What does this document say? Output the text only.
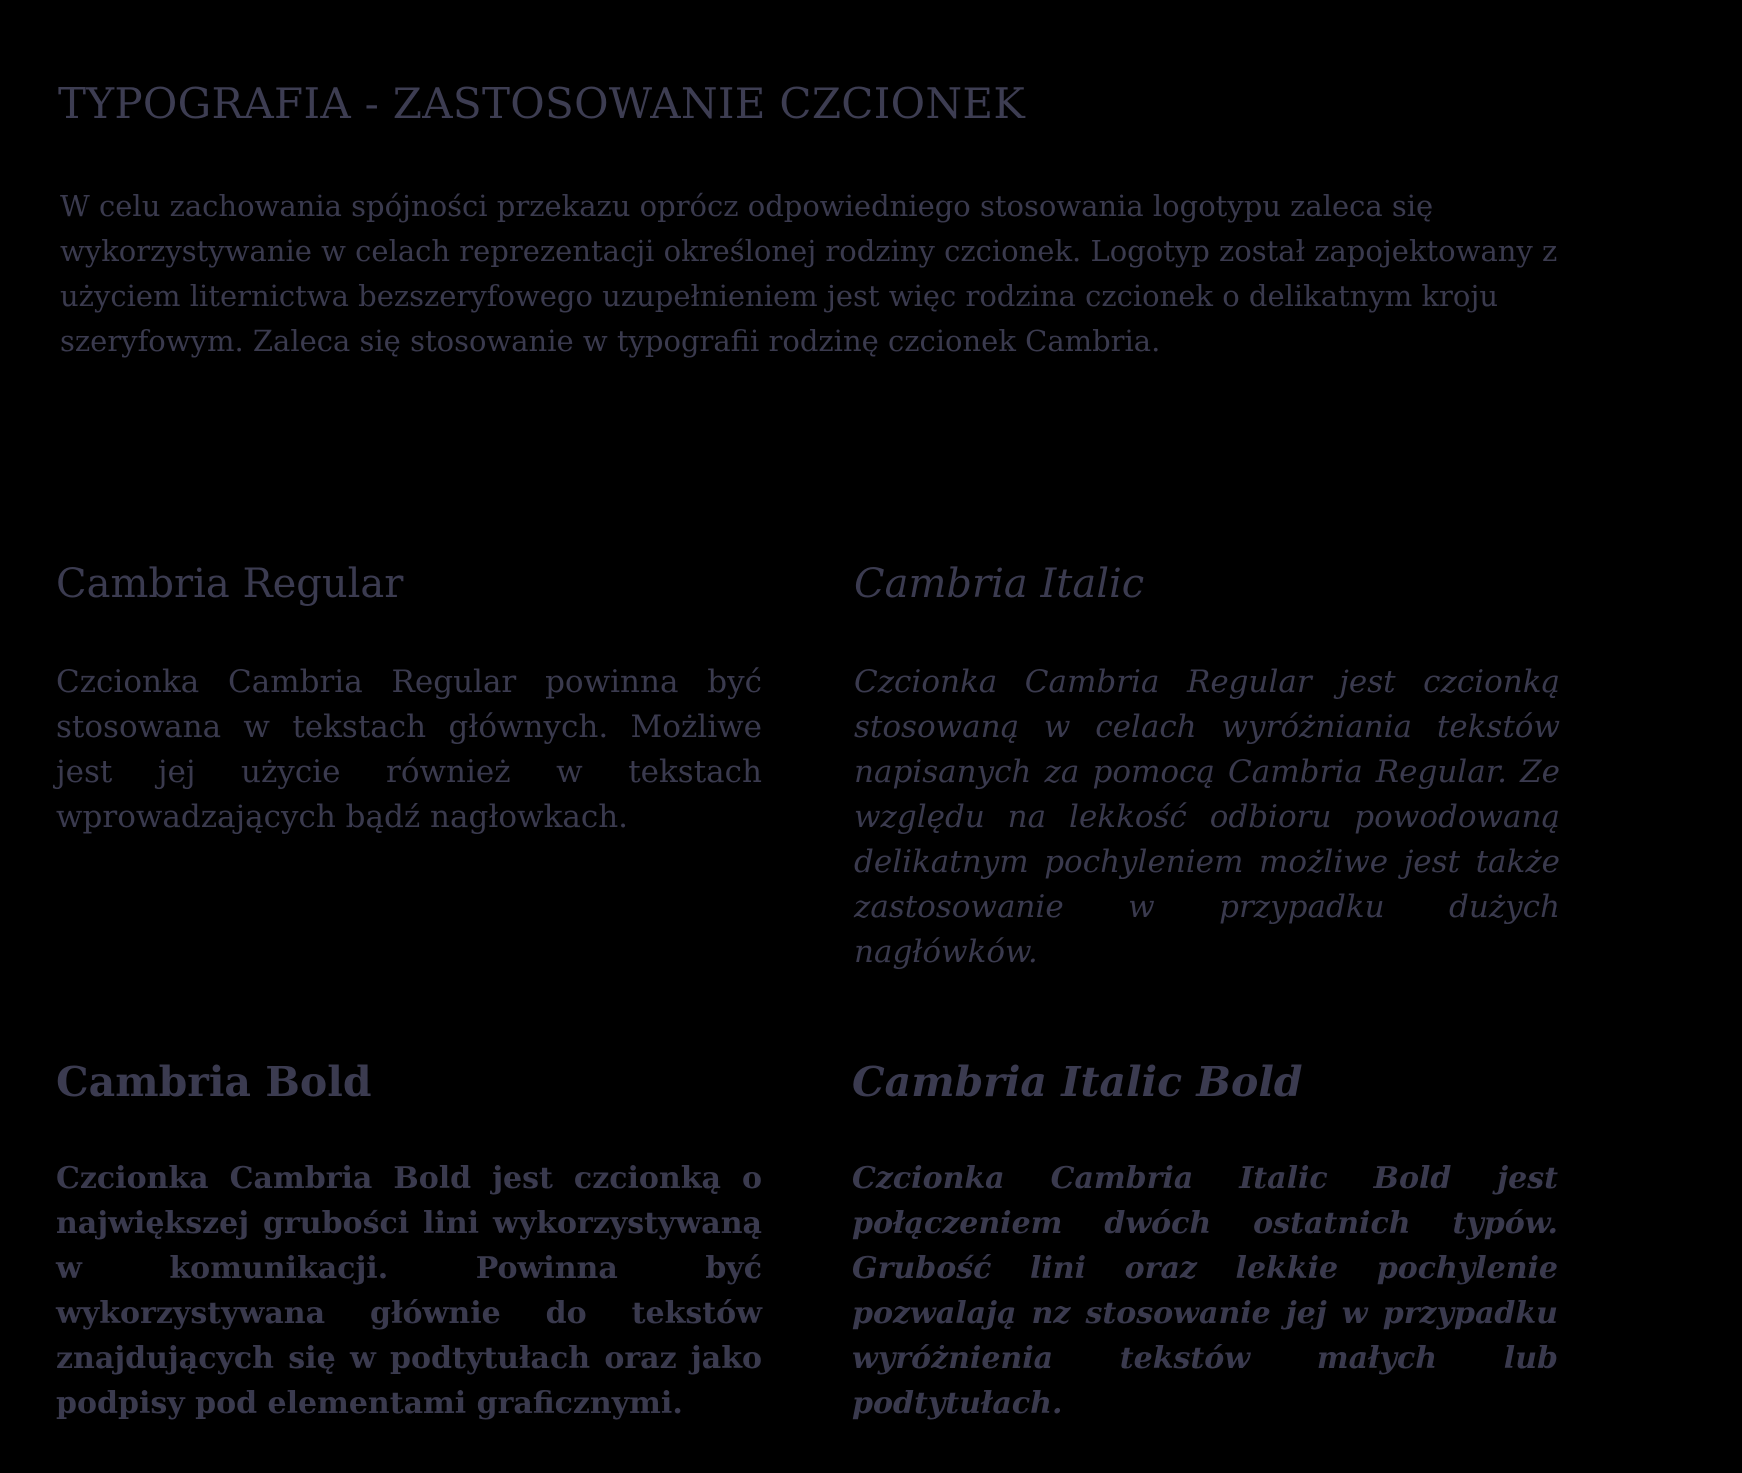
TYPOGRAFIA - ZASTOSOWANIE CZCIONEK

W celu zachowania spójności przekazu oprócz odpowiedniego stosowania logotypu zaleca się wykorzystywanie w celach reprezentacji określonej rodziny czcionek. Logotyp został zapojektowany z użyciem liternictwa bezszeryfowego uzupełnieniem jest więc rodzina czcionek o delikatnym kroju szeryfowym. Zaleca się stosowanie w typografii rodzinę czcionek Cambria.

Cambria Regular

Czcionka Cambria Regular powinna być stosowana w tekstach głównych. Możliwe jest jej użycie również w tekstach wprowadzających bądź nagłowkach.

Cambria Italic

Czcionka Cambria Regular jest czcionką stosowaną w celach wyróżniania tekstów napisanych za pomocą Cambria Regular. Ze względu na lekkość odbioru powodowaną delikatnym pochyleniem możliwe jest także zastosowanie w przypadku dużych nagłówków.

Cambria Bold

Czcionka Cambria Bold jest czcionką o największej grubości lini wykorzystywaną w komunikacji. Powinna być wykorzystywana głównie do tekstów znajdujących się w podtytułach oraz jako podpisy pod elementami graficznymi.

Cambria Italic Bold

Czcionka Cambria Italic Bold jest połączeniem dwóch ostatnich typów. Grubość lini oraz lekkie pochylenie pozwalają nz stosowanie jej w przypadku wyróżnienia tekstów małych lub podtytułach.
